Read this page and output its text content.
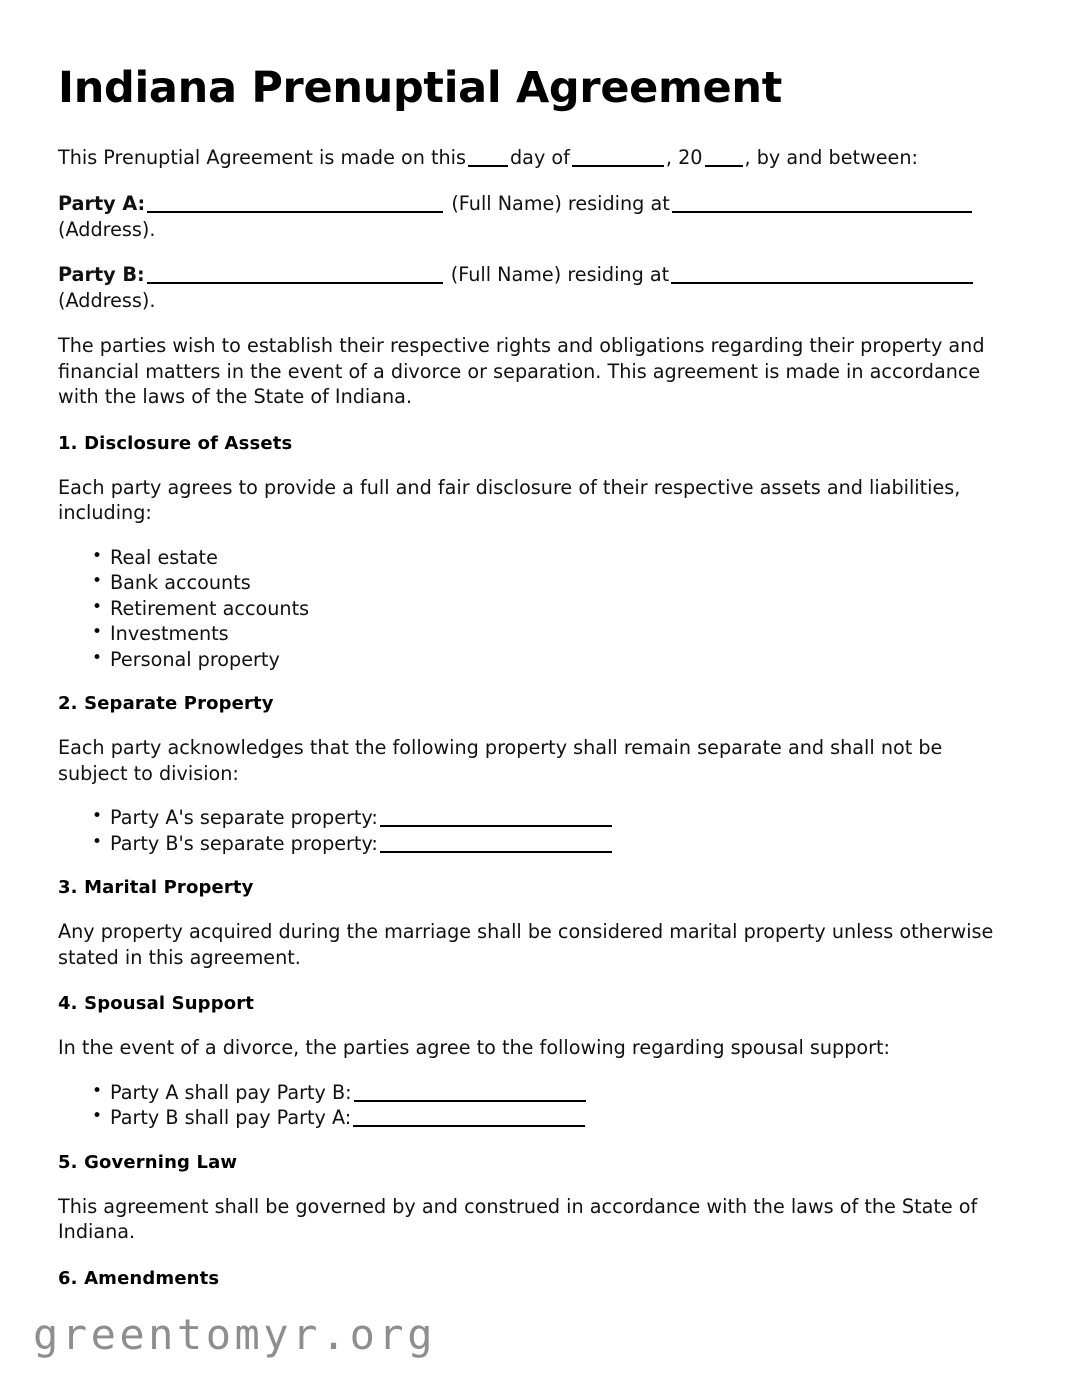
Indiana Prenuptial Agreement

This Prenuptial Agreement is made on this day of	, 20 , by and between:

Party A:	(Full Name) residing at
(Address).

Party B:	(Full Name) residing at
(Address).

The parties wish to establish their respective rights and obligations regarding their property and financial matters in the event of a divorce or separation. This agreement is made in accordance with the laws of the State of Indiana.

1. Disclosure of Assets

Each party agrees to provide a full and fair disclosure of their respective assets and liabilities, including:

• Real estate
• Bank accounts
• Retirement accounts
• Investments
• Personal property
2. Separate Property

Each party acknowledges that the following property shall remain separate and shall not be subject to division:

• Party A's separate property:
• Party B's separate property:
3. Marital Property

Any property acquired during the marriage shall be considered marital property unless otherwise stated in this agreement.

4. Spousal Support

In the event of a divorce, the parties agree to the following regarding spousal support:

• Party A shall pay Party B:
• Party B shall pay Party A:
5. Governing Law

This agreement shall be governed by and construed in accordance with the laws of the State of Indiana.

6. Amendments
greentomyr.org
